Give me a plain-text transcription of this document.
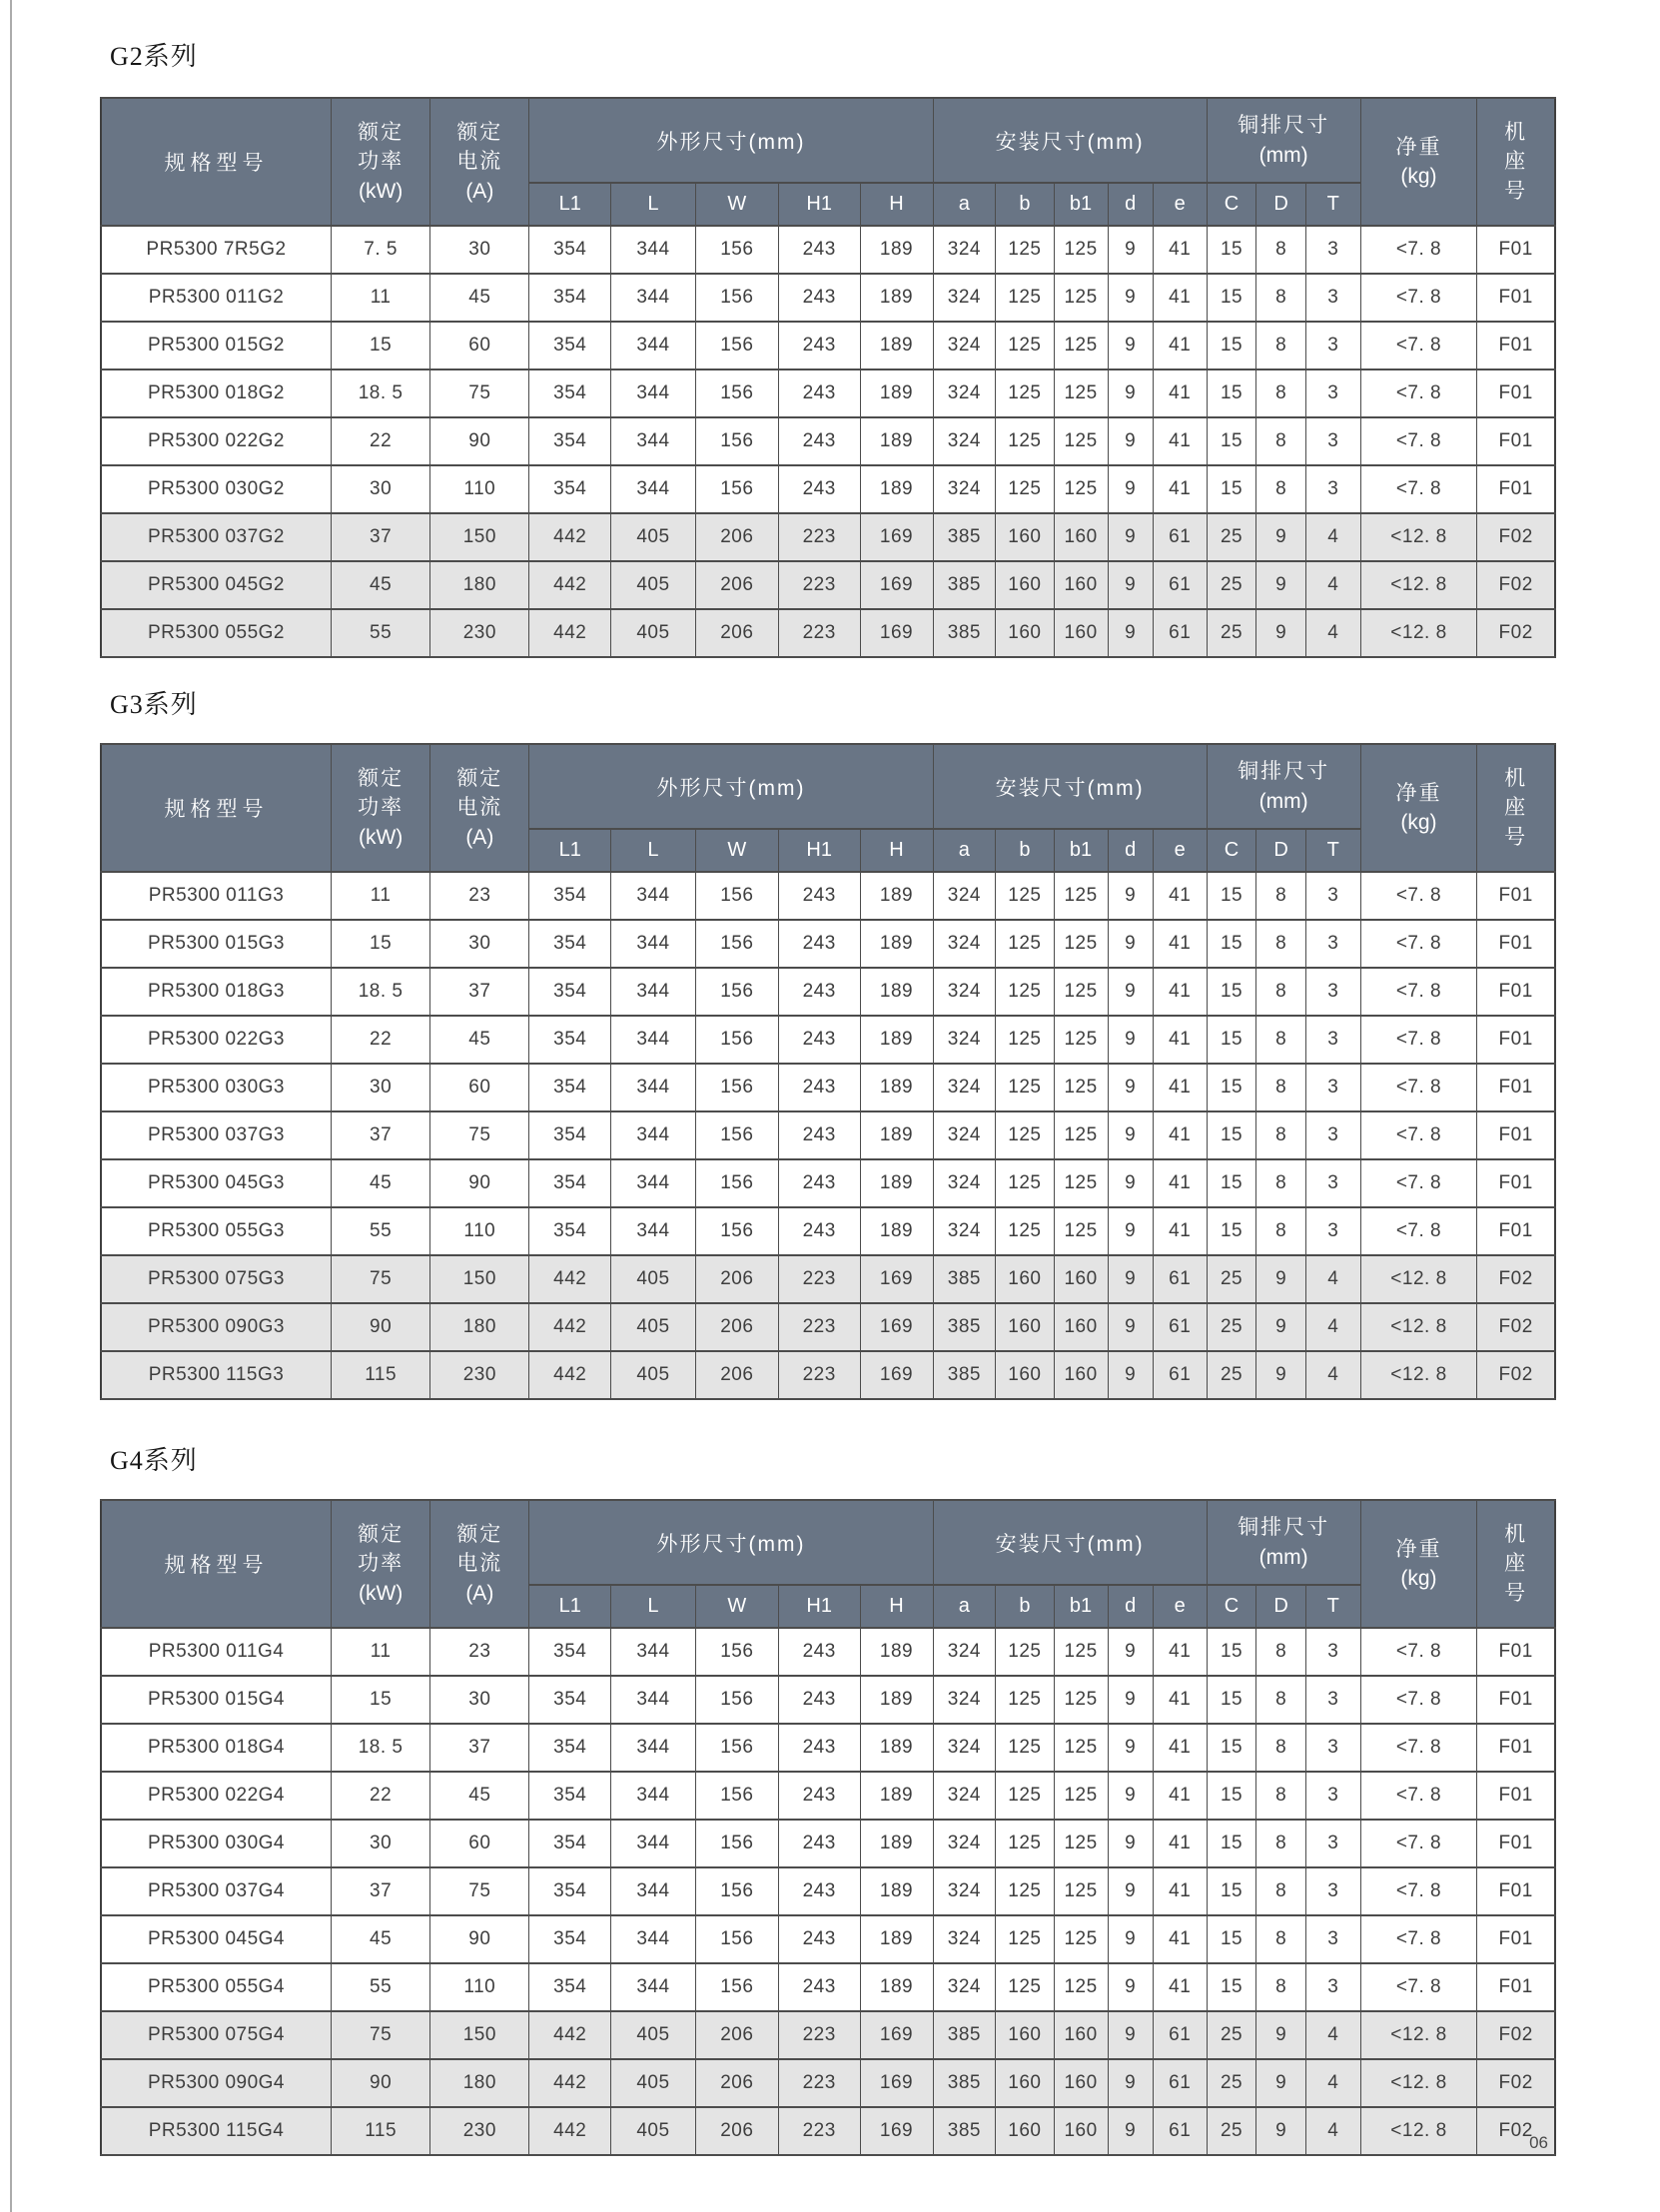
G2系列
规格型号	额定
功率
(kW)	额定
电流
(A)	外形尺寸(mm)					安装尺寸(mm)					铜排尺寸
(mm)			净重
(kg)	机
座
号

			L1	L	W	H1	H	a	b	b1	d	e	C	D	T		
PR5300 7R5G2	7. 5	30	354	344	156	243	189	324	125	125	9	41	15	8	3	<7. 8	F01
PR5300 011G2	11	45	354	344	156	243	189	324	125	125	9	41	15	8	3	<7. 8	F01
PR5300 015G2	15	60	354	344	156	243	189	324	125	125	9	41	15	8	3	<7. 8	F01
PR5300 018G2	18. 5	75	354	344	156	243	189	324	125	125	9	41	15	8	3	<7. 8	F01
PR5300 022G2	22	90	354	344	156	243	189	324	125	125	9	41	15	8	3	<7. 8	F01
PR5300 030G2	30	110	354	344	156	243	189	324	125	125	9	41	15	8	3	<7. 8	F01
PR5300 037G2	37	150	442	405	206	223	169	385	160	160	9	61	25	9	4	<12. 8	F02
PR5300 045G2	45	180	442	405	206	223	169	385	160	160	9	61	25	9	4	<12. 8	F02
PR5300 055G2	55	230	442	405	206	223	169	385	160	160	9	61	25	9	4	<12. 8	F02
G3系列
规格型号	额定
功率
(kW)	额定
电流
(A)	外形尺寸(mm)					安装尺寸(mm)					铜排尺寸
(mm)			净重
(kg)	机
座
号

			L1	L	W	H1	H	a	b	b1	d	e	C	D	T		
PR5300 011G3	11	23	354	344	156	243	189	324	125	125	9	41	15	8	3	<7. 8	F01
PR5300 015G3	15	30	354	344	156	243	189	324	125	125	9	41	15	8	3	<7. 8	F01
PR5300 018G3	18. 5	37	354	344	156	243	189	324	125	125	9	41	15	8	3	<7. 8	F01
PR5300 022G3	22	45	354	344	156	243	189	324	125	125	9	41	15	8	3	<7. 8	F01
PR5300 030G3	30	60	354	344	156	243	189	324	125	125	9	41	15	8	3	<7. 8	F01
PR5300 037G3	37	75	354	344	156	243	189	324	125	125	9	41	15	8	3	<7. 8	F01
PR5300 045G3	45	90	354	344	156	243	189	324	125	125	9	41	15	8	3	<7. 8	F01
PR5300 055G3	55	110	354	344	156	243	189	324	125	125	9	41	15	8	3	<7. 8	F01
PR5300 075G3	75	150	442	405	206	223	169	385	160	160	9	61	25	9	4	<12. 8	F02
PR5300 090G3	90	180	442	405	206	223	169	385	160	160	9	61	25	9	4	<12. 8	F02
PR5300 115G3	115	230	442	405	206	223	169	385	160	160	9	61	25	9	4	<12. 8	F02
G4系列
规格型号	额定
功率
(kW)	额定
电流
(A)	外形尺寸(mm)					安装尺寸(mm)					铜排尺寸
(mm)			净重
(kg)	机
座
号

			L1	L	W	H1	H	a	b	b1	d	e	C	D	T		
PR5300 011G4	11	23	354	344	156	243	189	324	125	125	9	41	15	8	3	<7. 8	F01
PR5300 015G4	15	30	354	344	156	243	189	324	125	125	9	41	15	8	3	<7. 8	F01
PR5300 018G4	18. 5	37	354	344	156	243	189	324	125	125	9	41	15	8	3	<7. 8	F01
PR5300 022G4	22	45	354	344	156	243	189	324	125	125	9	41	15	8	3	<7. 8	F01
PR5300 030G4	30	60	354	344	156	243	189	324	125	125	9	41	15	8	3	<7. 8	F01
PR5300 037G4	37	75	354	344	156	243	189	324	125	125	9	41	15	8	3	<7. 8	F01
PR5300 045G4	45	90	354	344	156	243	189	324	125	125	9	41	15	8	3	<7. 8	F01
PR5300 055G4	55	110	354	344	156	243	189	324	125	125	9	41	15	8	3	<7. 8	F01
PR5300 075G4	75	150	442	405	206	223	169	385	160	160	9	61	25	9	4	<12. 8	F02
PR5300 090G4	90	180	442	405	206	223	169	385	160	160	9	61	25	9	4	<12. 8	F02
PR5300 115G4	115	230	442	405	206	223	169	385	160	160	9	61	25	9	4	<12. 8	F02
06
